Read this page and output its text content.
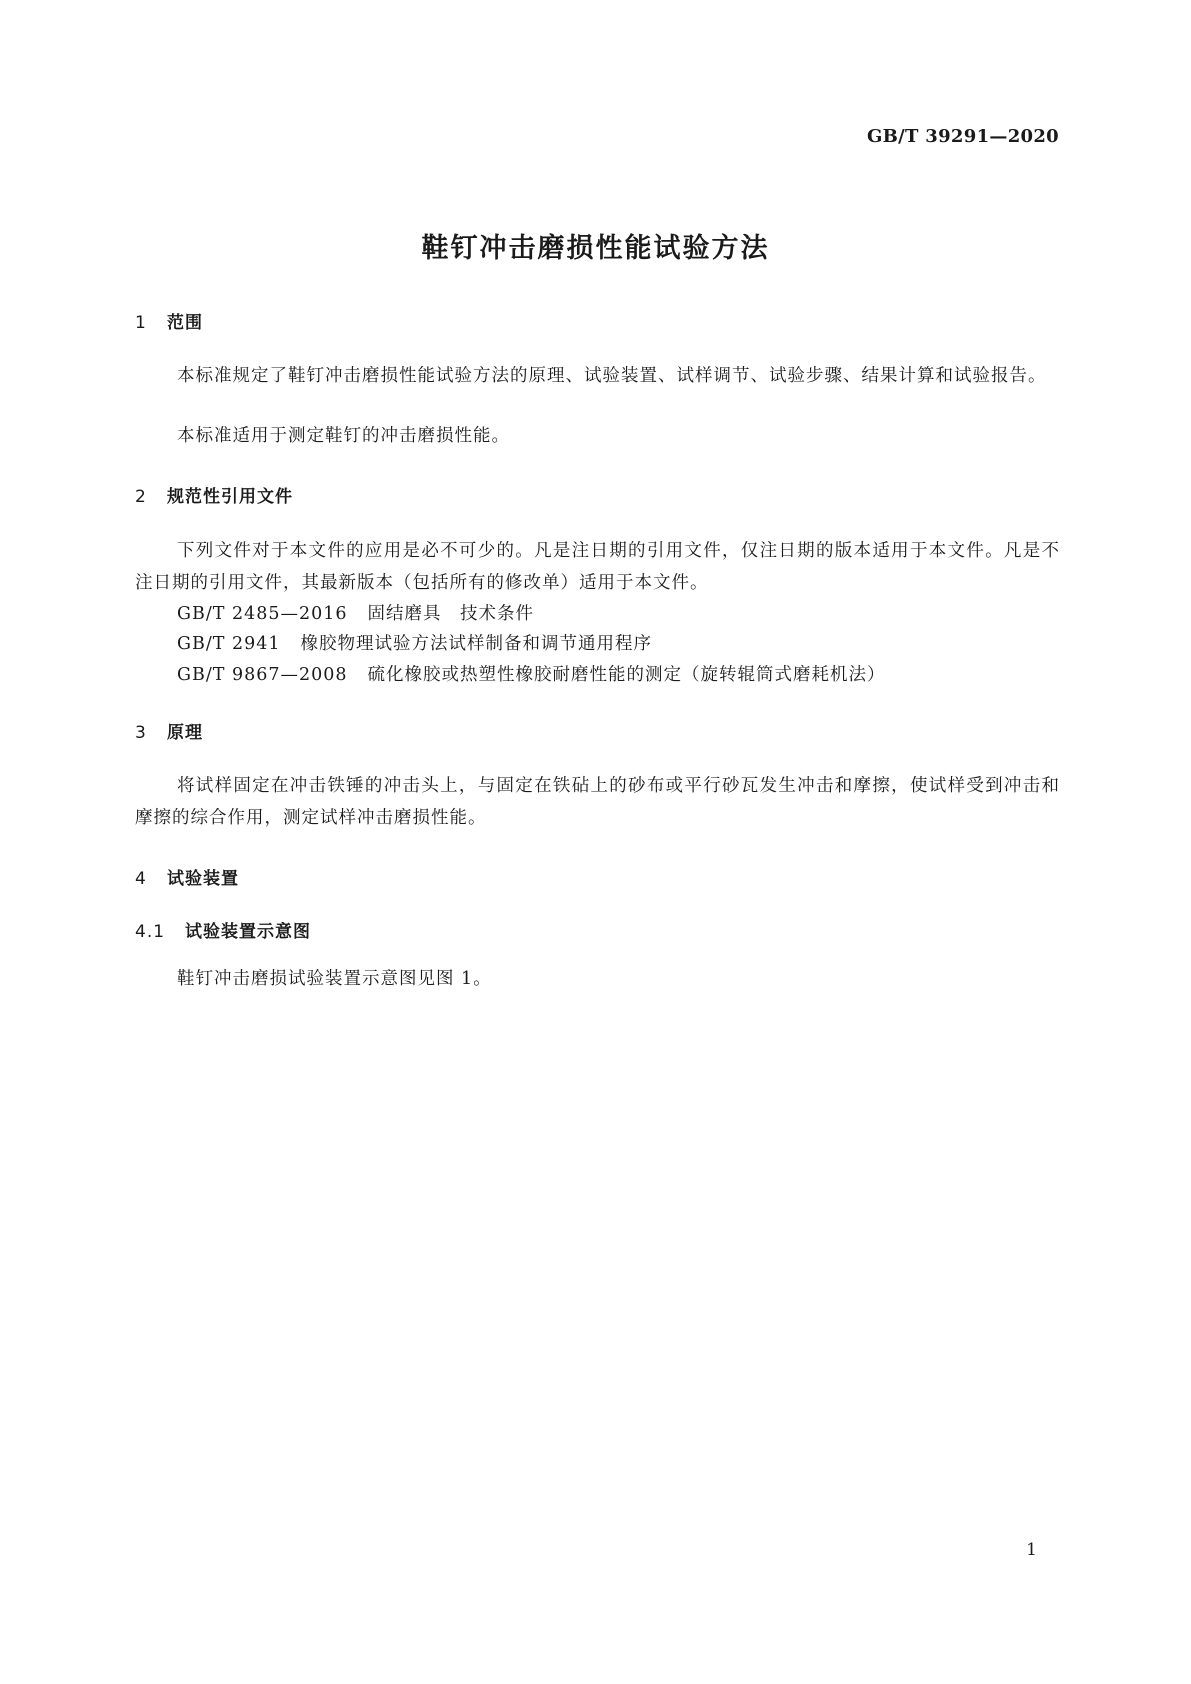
GB/T 39291—2020
鞋钉冲击磨损性能试验方法
1 范围
本标准规定了鞋钉冲击磨损性能试验方法的原理、试验装置、试样调节、试验步骤、结果计算和试验报告。
本标准适用于测定鞋钉的冲击磨损性能。
2 规范性引用文件
下列文件对于本文件的应用是必不可少的。凡是注日期的引用文件，仅注日期的版本适用于本文件。凡是不注日期的引用文件，其最新版本（包括所有的修改单）适用于本文件。
GB/T 2485—2016 固结磨具　技术条件
GB/T 2941 橡胶物理试验方法试样制备和调节通用程序
GB/T 9867—2008 硫化橡胶或热塑性橡胶耐磨性能的测定（旋转辊筒式磨耗机法）
3 原理
将试样固定在冲击铁锤的冲击头上，与固定在铁砧上的砂布或平行砂瓦发生冲击和摩擦，使试样受到冲击和摩擦的综合作用，测定试样冲击磨损性能。
4 试验装置
4.1 试验装置示意图
鞋钉冲击磨损试验装置示意图见图 1。
1
